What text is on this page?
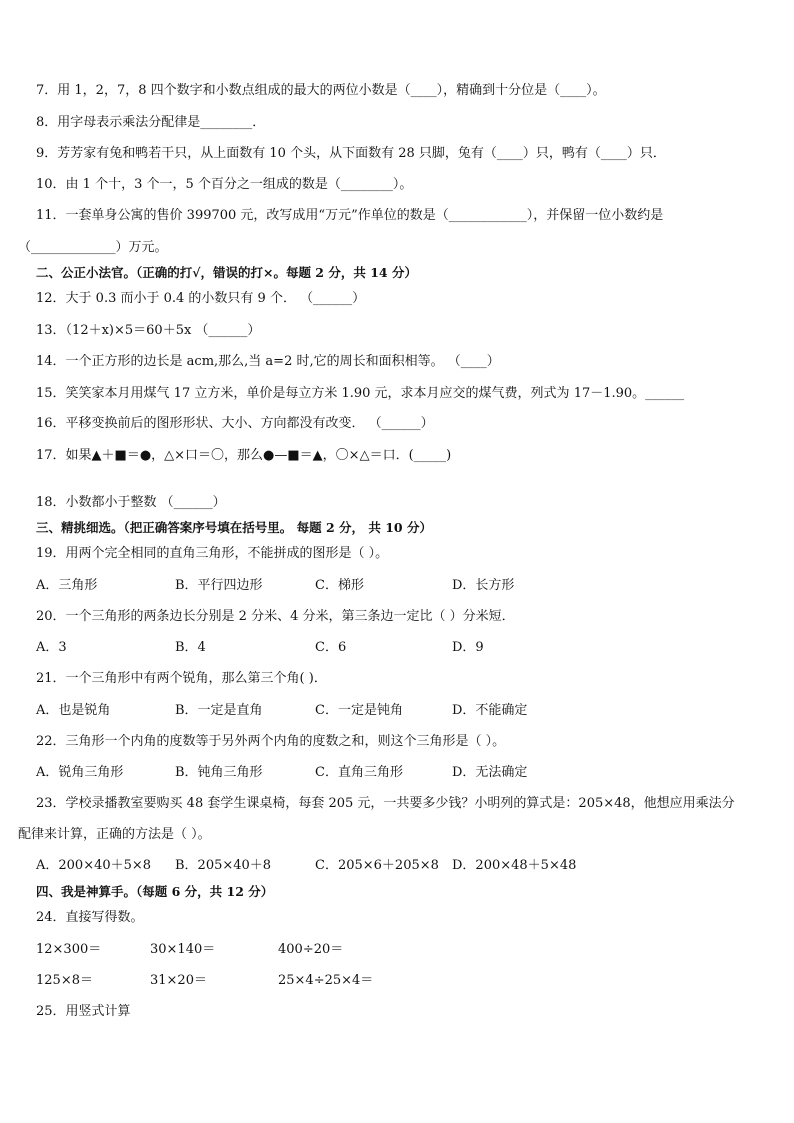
7．用 1，2，7，8 四个数字和小数点组成的最大的两位小数是（____），精确到十分位是（____）。
8．用字母表示乘法分配律是________．
9．芳芳家有兔和鸭若干只，从上面数有 10 个头，从下面数有 28 只脚，兔有（____）只，鸭有（____）只．
10．由 1 个十，3 个一，5 个百分之一组成的数是（________）。
11．一套单身公寓的售价 399700 元，改写成用“万元”作单位的数是（____________），并保留一位小数约是
（_____________）万元。
二、公正小法官。（正确的打√，错误的打×。每题 2 分，共 14 分）
12．大于 0.3 而小于 0.4 的小数只有 9 个． （______）
13．（12＋x)×5＝60＋5x （______）
14．一个正方形的边长是 acm,那么,当 a=2 时,它的周长和面积相等。 （____）
15．笑笑家本月用煤气 17 立方米，单价是每立方米 1.90 元，求本月应交的煤气费，列式为 17－1.90。______
16．平移变换前后的图形形状、大小、方向都没有改变． （______）
17．如果▲＋■＝●，△×口＝〇，那么●—■＝▲，〇×△＝口．(_____)
18．小数都小于整数 （______）
三、精挑细选。（把正确答案序号填在括号里。 每题 2 分， 共 10 分）
19．用两个完全相同的直角三角形，不能拼成的图形是（ ）。
A．三角形	B．平行四边形	C．梯形	D．长方形
20．一个三角形的两条边长分别是 2 分米、4 分米，第三条边一定比（ ）分米短．
A．3	B．4	C．6	D．9
21．一个三角形中有两个锐角，那么第三个角( )．
A．也是锐角	B．一定是直角	C．一定是钝角	D．不能确定
22．三角形一个内角的度数等于另外两个内角的度数之和，则这个三角形是（ ）。
A．锐角三角形	B．钝角三角形	C．直角三角形	D．无法确定
23．学校录播教室要购买 48 套学生课桌椅，每套 205 元，一共要多少钱？小明列的算式是：205×48，他想应用乘法分
配律来计算，正确的方法是（ ）。
A．200×40＋5×8 B．205×40＋8	C．205×6＋205×8 D．200×48＋5×48
四、我是神算手。（每题 6 分，共 12 分）
24．直接写得数。
12×300＝	30×140＝	400÷20＝
125×8＝	31×20＝	25×4÷25×4＝
25．用竖式计算
